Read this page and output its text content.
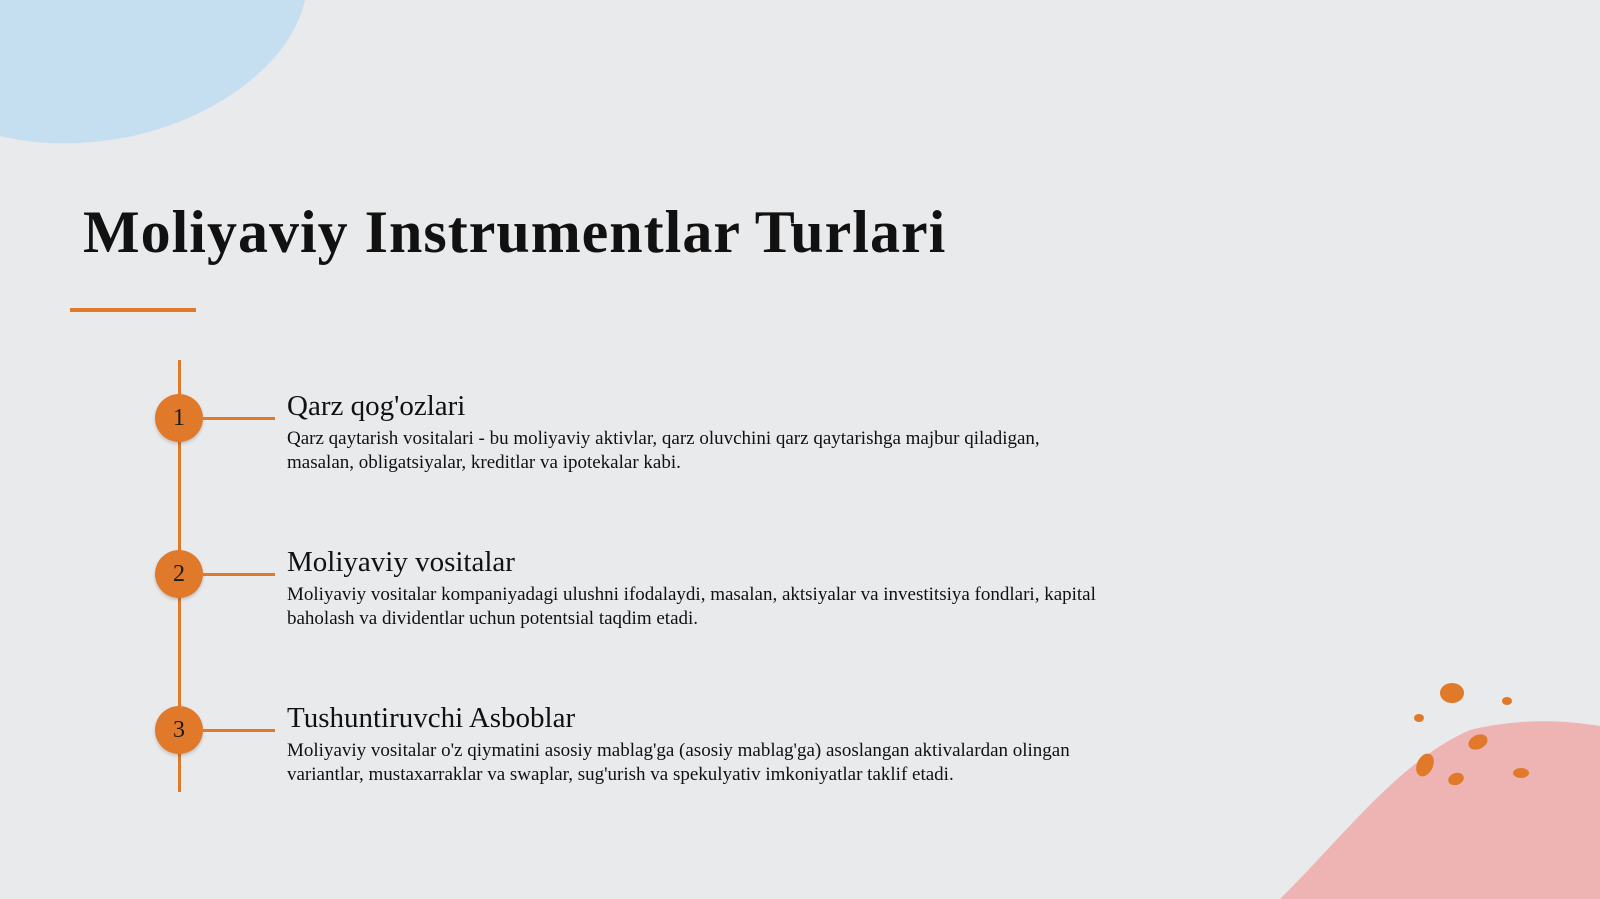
Moliyaviy Instrumentlar Turlari
1	Qarz qog'ozlari

Qarz qaytarish vositalari - bu moliyaviy aktivlar, qarz oluvchini qarz qaytarishga majbur qiladigan, masalan, obligatsiyalar, kreditlar va ipotekalar kabi.

2	Moliyaviy vositalar

Moliyaviy vositalar kompaniyadagi ulushni ifodalaydi, masalan, aktsiyalar va investitsiya fondlari, kapital baholash va dividentlar uchun potentsial taqdim etadi.

3	Tushuntiruvchi Asboblar

Moliyaviy vositalar o'z qiymatini asosiy mablag'ga (asosiy mablag'ga) asoslangan aktivalardan olingan variantlar, mustaxarraklar va swaplar, sug'urish va spekulyativ imkoniyatlar taklif etadi.
